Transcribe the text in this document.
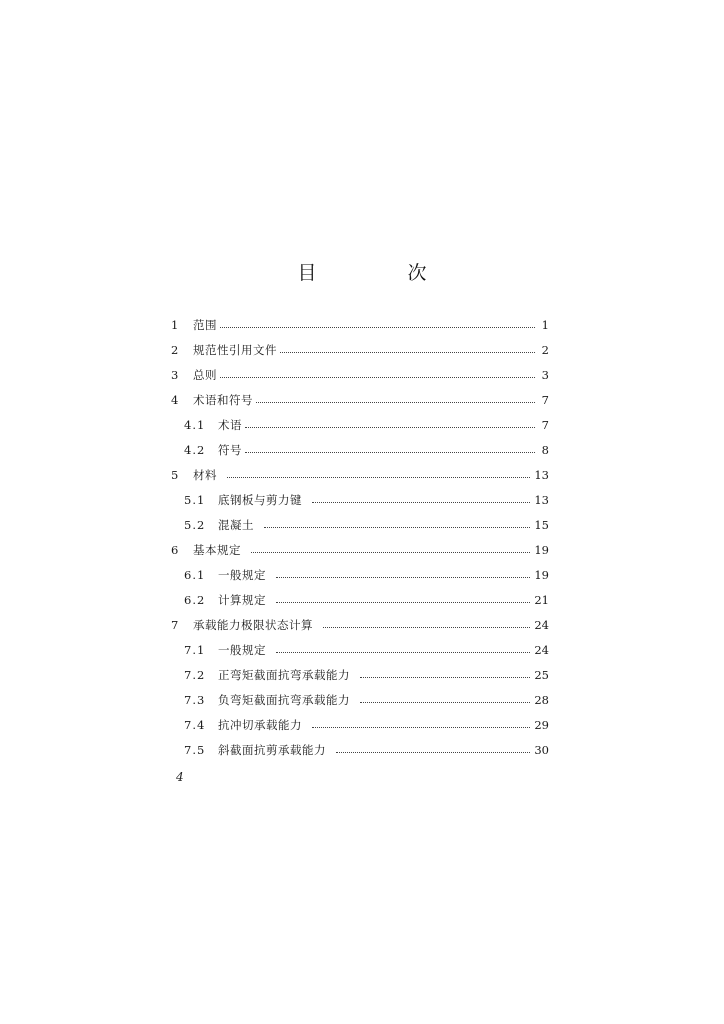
目　次
1	范围	1
2	规范性引用文件	2
3	总则	3
4	术语和符号	7
4.1	术语	7
4.2	符号	8
5	材料	13
5.1	底钢板与剪力键	13
5.2	混凝土	15
6	基本规定	19
6.1	一般规定	19
6.2	计算规定	21
7	承载能力极限状态计算	24
7.1	一般规定	24
7.2	正弯矩截面抗弯承载能力	25
7.3	负弯矩截面抗弯承载能力	28
7.4	抗冲切承载能力	29
7.5	斜截面抗剪承载能力	30
4
